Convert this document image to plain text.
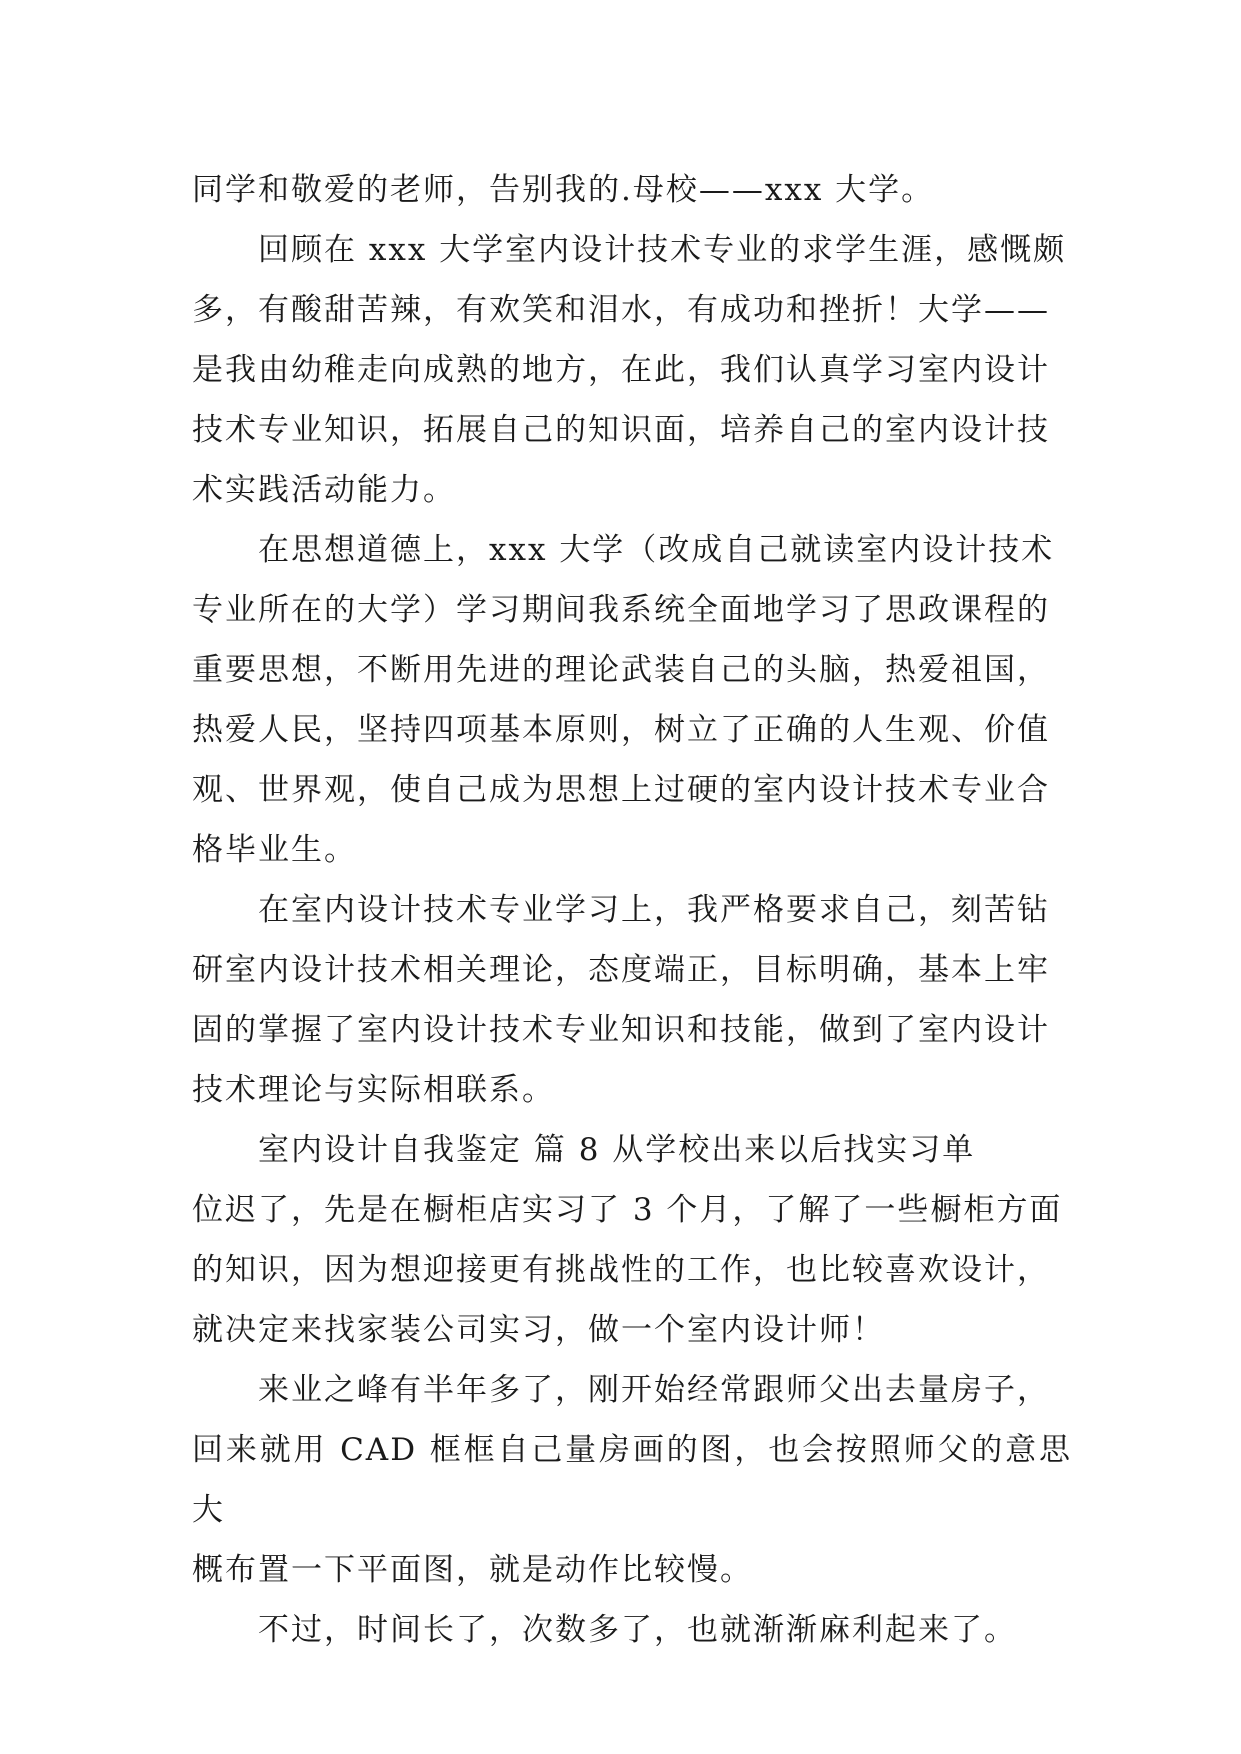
同学和敬爱的老师，告别我的.母校——xxx 大学。

回顾在 xxx 大学室内设计技术专业的求学生涯，感慨颇
多，有酸甜苦辣，有欢笑和泪水，有成功和挫折！大学——
是我由幼稚走向成熟的地方，在此，我们认真学习室内设计
技术专业知识，拓展自己的知识面，培养自己的室内设计技
术实践活动能力。

在思想道德上，xxx 大学（改成自己就读室内设计技术
专业所在的大学）学习期间我系统全面地学习了思政课程的
重要思想，不断用先进的理论武装自己的头脑，热爱祖国，
热爱人民，坚持四项基本原则，树立了正确的人生观、价值
观、世界观，使自己成为思想上过硬的室内设计技术专业合
格毕业生。

在室内设计技术专业学习上，我严格要求自己，刻苦钻
研室内设计技术相关理论，态度端正，目标明确，基本上牢
固的掌握了室内设计技术专业知识和技能，做到了室内设计
技术理论与实际相联系。

室内设计自我鉴定 篇 8 从学校出来以后找实习单
位迟了，先是在橱柜店实习了 3 个月，了解了一些橱柜方面
的知识，因为想迎接更有挑战性的工作，也比较喜欢设计，
就决定来找家装公司实习，做一个室内设计师！

来业之峰有半年多了，刚开始经常跟师父出去量房子，
回来就用 CAD 框框自己量房画的图，也会按照师父的意思大
概布置一下平面图，就是动作比较慢。

不过，时间长了，次数多了，也就渐渐麻利起来了。
